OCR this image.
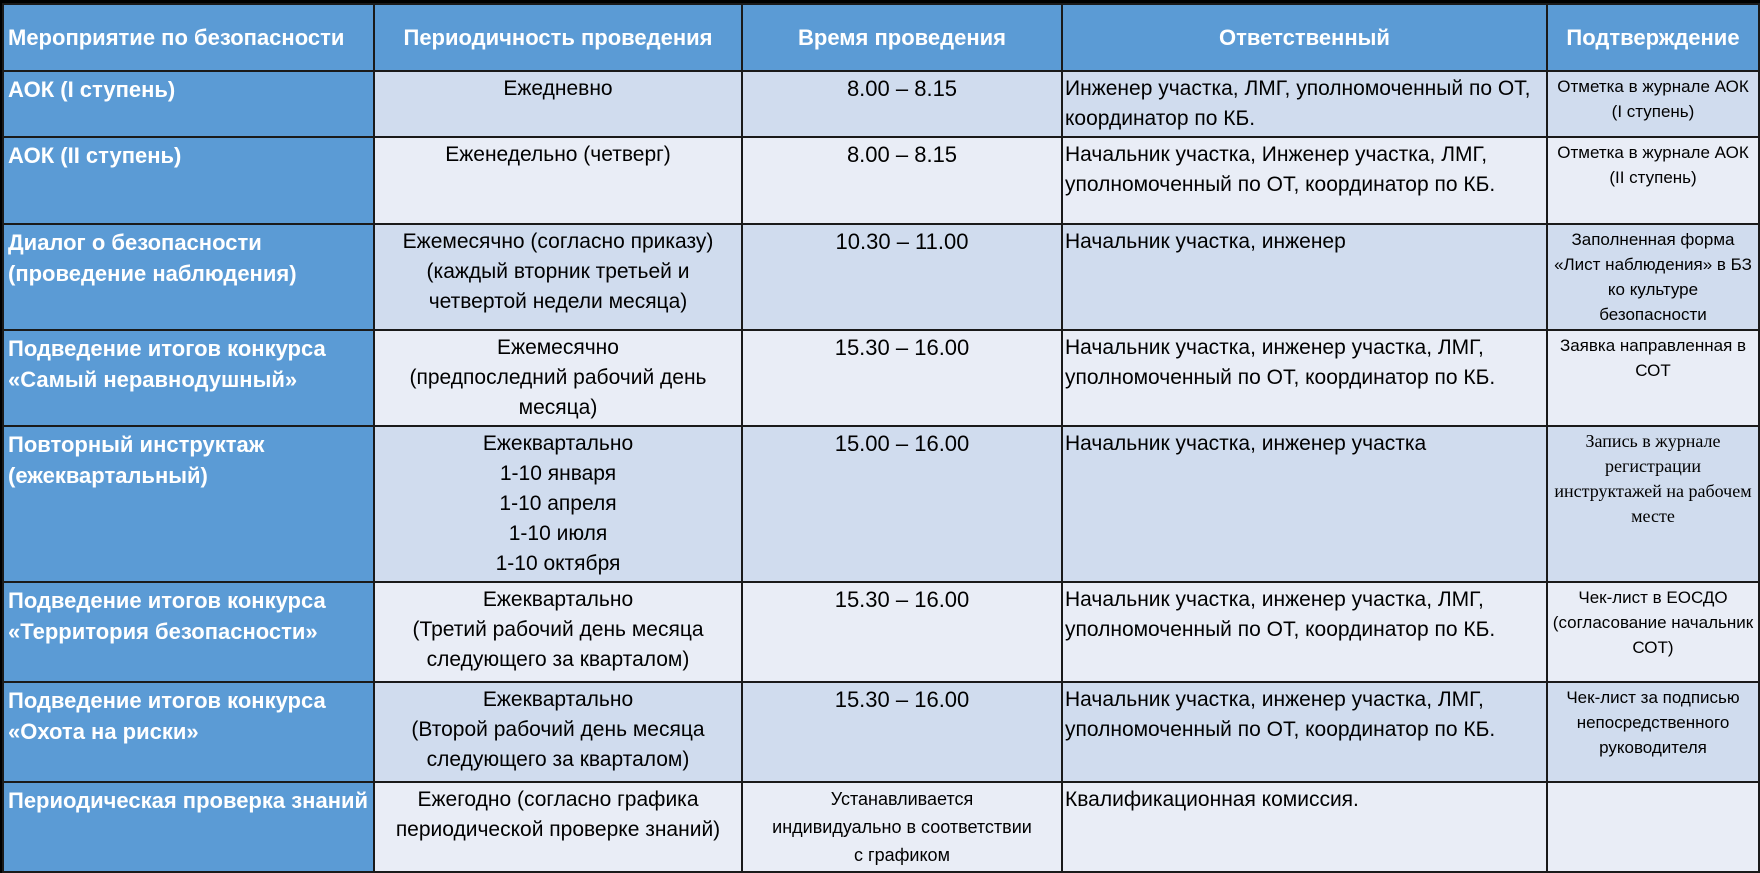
Мероприятие по безопасности	Периодичность проведения	Время проведения	Ответственный	Подтверждение
АОК (I ступень)	Ежедневно	8.00 – 8.15	Инженер участка, ЛМГ, уполномоченный по ОТ, координатор по КБ.	Отметка в журнале АОК (I ступень)
АОК (II ступень)	Еженедельно (четверг)	8.00 – 8.15	Начальник участка, Инженер участка, ЛМГ, уполномоченный по ОТ, координатор по КБ.	Отметка в журнале АОК (II ступень)
Диалог о безопасности (проведение наблюдения)	Ежемесячно (согласно приказу)
(каждый вторник третьей и
четвертой недели месяца)	10.30 – 11.00	Начальник участка, инженер	Заполненная форма «Лист наблюдения» в БЗ ко культуре безопасности
Подведение итогов конкурса «Самый неравнодушный»	Ежемесячно
(предпоследний рабочий день
месяца)	15.30 – 16.00	Начальник участка, инженер участка, ЛМГ, уполномоченный по ОТ, координатор по КБ.	Заявка направленная в СОТ
Повторный инструктаж (ежеквартальный)	Ежеквартально
1-10 января
1-10 апреля
1-10 июля
1-10 октября	15.00 – 16.00	Начальник участка, инженер участка	Запись в журнале регистрации инструктажей на рабочем месте
Подведение итогов конкурса «Территория безопасности»	Ежеквартально
(Третий рабочий день месяца
следующего за кварталом)	15.30 – 16.00	Начальник участка, инженер участка, ЛМГ, уполномоченный по ОТ, координатор по КБ.	Чек-лист в ЕОСДО (согласование начальник СОТ)
Подведение итогов конкурса «Охота на риски»	Ежеквартально
(Второй рабочий день месяца
следующего за кварталом)	15.30 – 16.00	Начальник участка, инженер участка, ЛМГ, уполномоченный по ОТ, координатор по КБ.	Чек-лист за подписью непосредственного руководителя
Периодическая проверка знаний	Ежегодно (согласно графика
периодической проверке знаний)	Устанавливается
индивидуально в соответствии
с графиком	Квалификационная комиссия.	
